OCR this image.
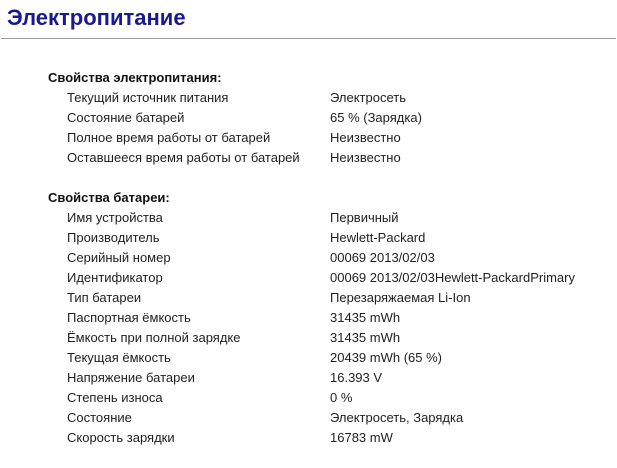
Электропитание
Свойства электропитания:
Текущий источник питания	Электросеть
Состояние батарей	65 % (Зарядка)
Полное время работы от батарей	Неизвестно
Оставшееся время работы от батарей	Неизвестно
Свойства батареи:
Имя устройства	Первичный
Производитель	Hewlett-Packard
Серийный номер	00069 2013/02/03
Идентификатор	00069 2013/02/03Hewlett-PackardPrimary
Тип батареи	Перезаряжаемая Li-Ion
Паспортная ёмкость	31435 mWh
Ёмкость при полной зарядке	31435 mWh
Текущая ёмкость	20439 mWh (65 %)
Напряжение батареи	16.393 V
Степень износа	0 %
Состояние	Электросеть, Зарядка
Скорость зарядки	16783 mW
